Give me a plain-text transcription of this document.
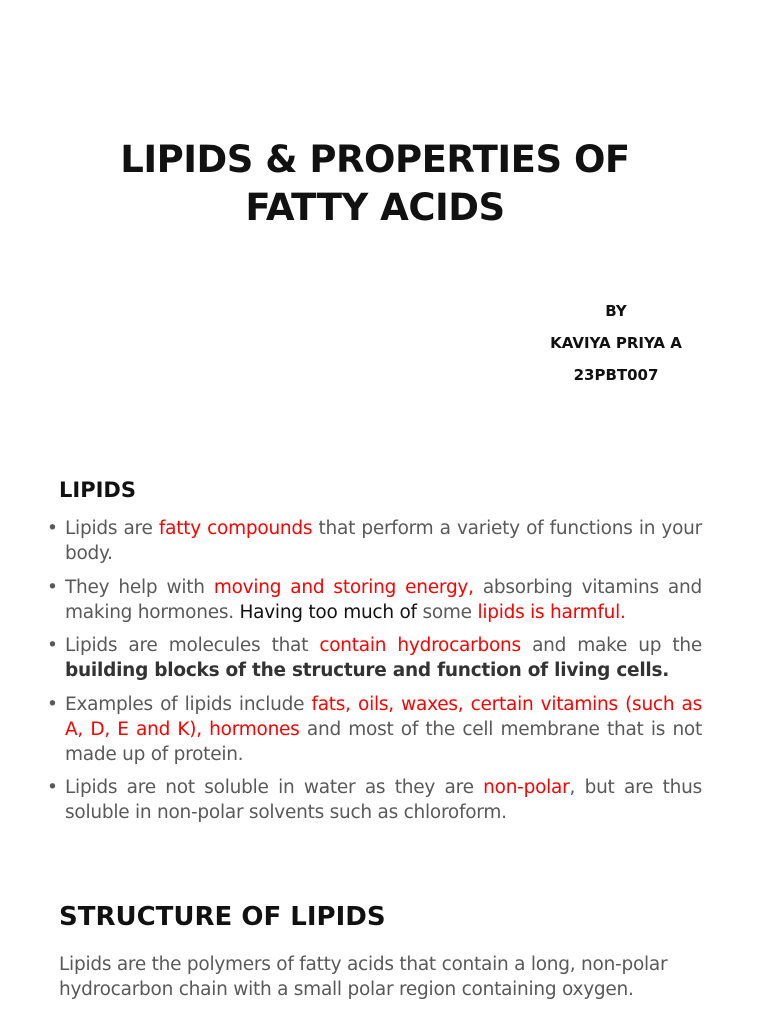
LIPIDS & PROPERTIES OF
FATTY ACIDS
BY
KAVIYA PRIYA A
23PBT007
LIPIDS
• Lipids are fatty compounds that perform a variety of functions in your body.
• They help with moving and storing energy, absorbing vitamins and making hormones. Having too much of some lipids is harmful.
• Lipids are molecules that contain hydrocarbons and make up the building blocks of the structure and function of living cells.
• Examples of lipids include fats, oils, waxes, certain vitamins (such as A, D, E and K), hormones and most of the cell membrane that is not made up of protein.
• Lipids are not soluble in water as they are non-polar, but are thus soluble in non-polar solvents such as chloroform.
STRUCTURE OF LIPIDS
Lipids are the polymers of fatty acids that contain a long, non-polar hydrocarbon chain with a small polar region containing oxygen.
